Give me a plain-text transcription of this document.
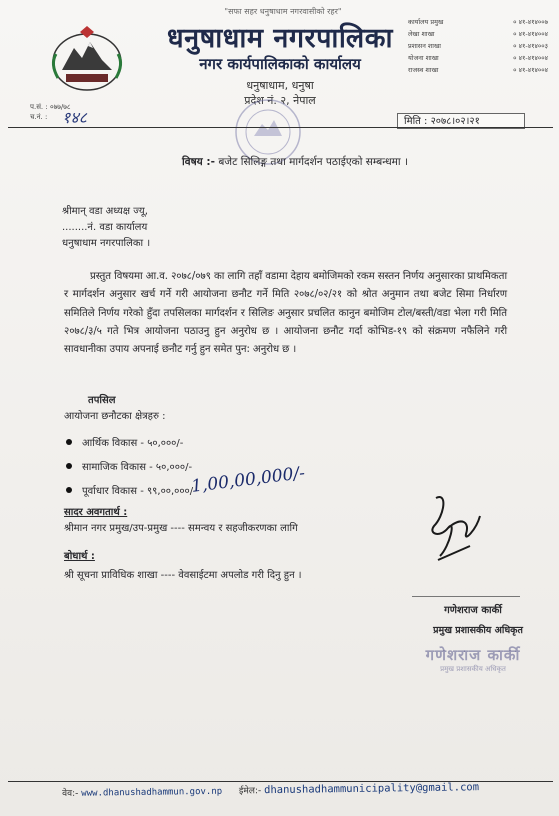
"सफा सहर धनुषाधाम नगरवासीको रहर"
धनुषाधाम नगरपालिका
नगर कार्यपालिकाको कार्यालय
धनुषाधाम, धनुषा
प्रदेश नं. २, नेपाल
कार्यालय प्रमुख	० ४१-४१४००७
लेखा शाखा	० ४१-४१४००४
प्रशासन शाखा	० ४१-४१४००३
योजना शाखा	० ४१-४१४००४
राजस्व शाखा	० ४१-४१४००४
प.सं. : ०७७/७८
च.नं. : १४८	मिति : २०७८।०२।२१
विषय :- बजेट सिलिङ्ग तथा मार्गदर्शन पठाईएको सम्बन्धमा ।
श्रीमान् वडा अध्यक्ष ज्यू,
........नं. वडा कार्यालय
धनुषाधाम नगरपालिका ।
प्रस्तुत विषयमा आ.व. २०७८/०७९ का लागि तहाँ वडामा देहाय बमोजिमको रकम सस्तन निर्णय अनुसारका प्राथमिकता र मार्गदर्शन अनुसार खर्च गर्ने गरी आयोजना छनौट गर्ने मिति २०७८/०२/२१ को श्रोत अनुमान तथा बजेट सिमा निर्धारण समितिले निर्णय गरेको हुँदा तपसिलका मार्गदर्शन र सिलिङ अनुसार प्रचलित कानुन बमोजिम टोल/बस्ती/वडा भेला गरी मिति २०७८/३/५ गते भित्र आयोजना पठाउनु हुन अनुरोध छ । आयोजना छनौट गर्दा कोभिड-१९ को संक्रमण नफैलिने गरी सावधानीका उपाय अपनाई छनौट गर्नु हुन समेत पुन: अनुरोध छ ।
तपसिल
आयोजना छनौटका क्षेत्रहरु :
आर्थिक विकास - ५०,०००/-
सामाजिक विकास - ५०,०००/-
पूर्वाधार विकास - ९९,००,०००/-
1,00,00,000/-
सादर अवगतार्थ :
श्रीमान नगर प्रमुख/उप-प्रमुख ---- समन्वय र सहजीकरणका लागि
बोधार्थ :
श्री सूचना प्राविधिक शाखा ---- वेवसाईटमा अपलोड गरी दिनु हुन ।
गणेशराज कार्की
प्रमुख प्रशासकीय अधिकृत
गणेशराज कार्की
प्रमुख प्रशासकीय अधिकृत
वेव:- www.dhanushadhammun.gov.np ईमेल:- dhanushadhammunicipality@gmail.com
